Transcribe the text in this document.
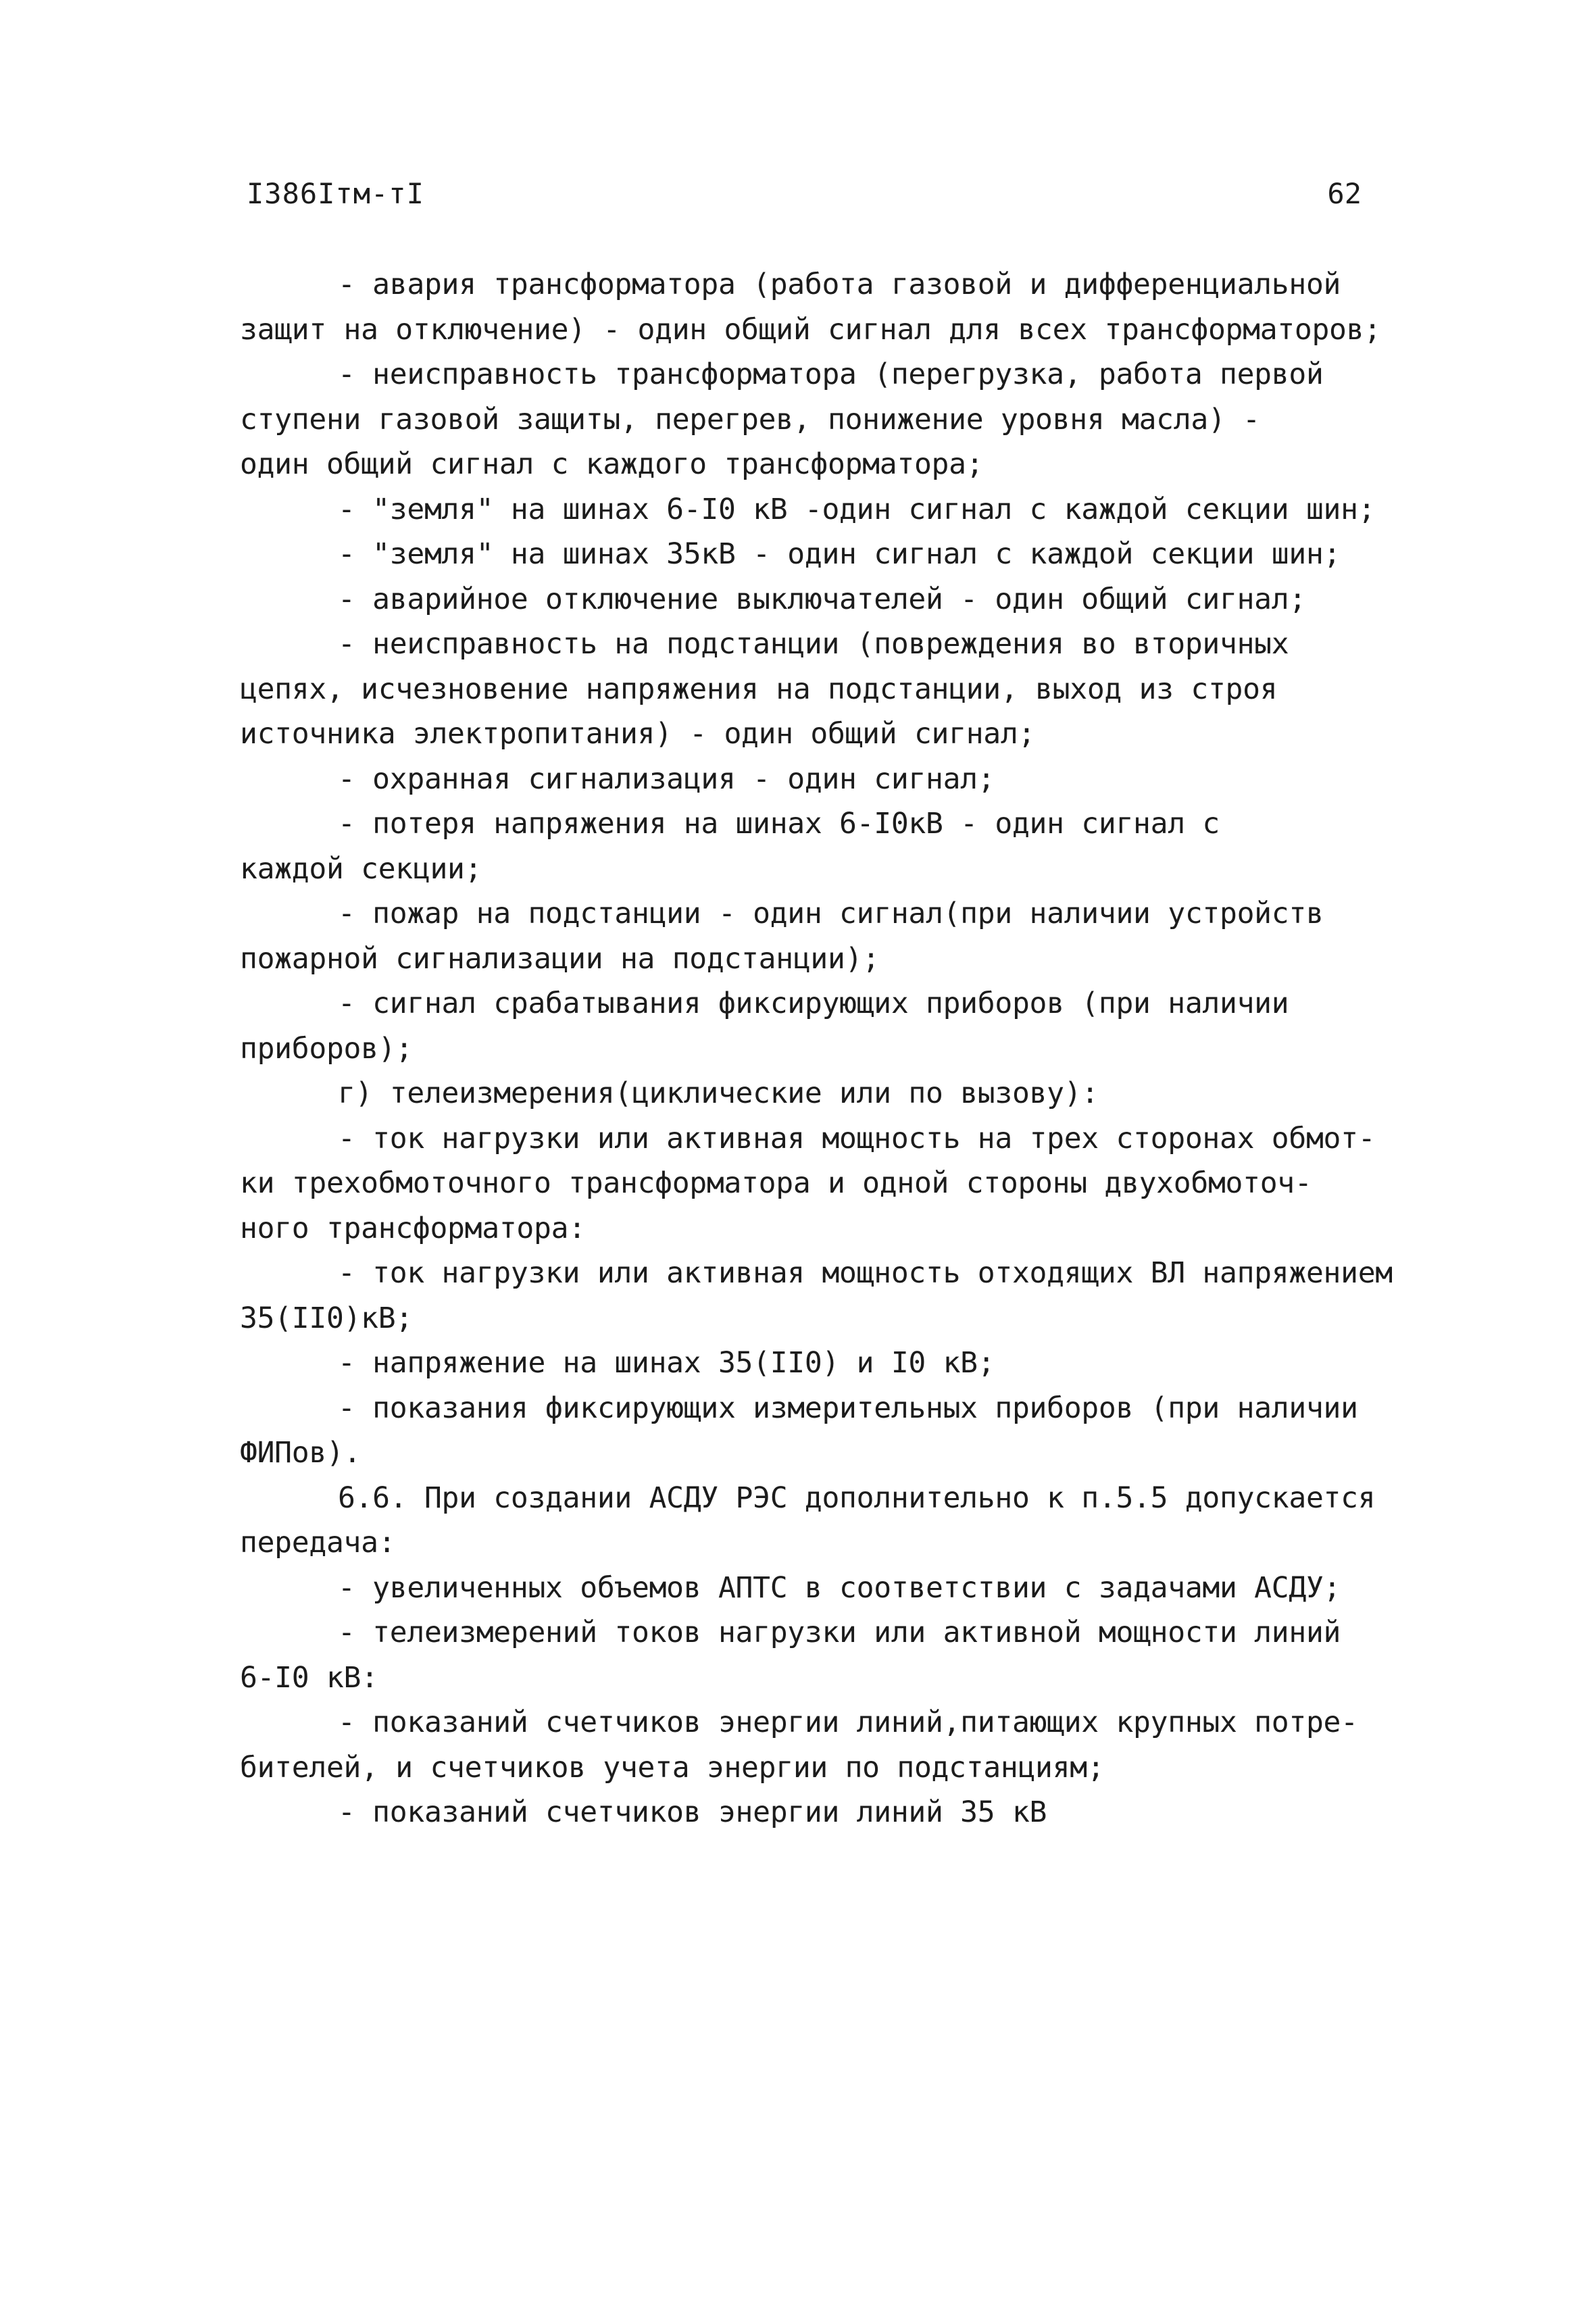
І386Ітм-тІ	62
- авария трансформатора (работа газовой и дифференциальной
защит на отключение) - один общий сигнал для всех трансформаторов;
- неисправность трансформатора (перегрузка, работа первой
ступени газовой защиты, перегрев, понижение уровня масла) -
один общий сигнал с каждого трансформатора;
- "земля" на шинах 6-І0 кВ -один сигнал с каждой секции шин;
- "земля" на шинах 35кВ - один сигнал с каждой секции шин;
- аварийное отключение выключателей - один общий сигнал;
- неисправность на подстанции (повреждения во вторичных
цепях, исчезновение напряжения на подстанции, выход из строя
источника электропитания) - один общий сигнал;
- охранная сигнализация - один сигнал;
- потеря напряжения на шинах 6-І0кВ - один сигнал с
каждой секции;
- пожар на подстанции - один сигнал(при наличии устройств
пожарной сигнализации на подстанции);
- сигнал срабатывания фиксирующих приборов (при наличии
приборов);
г) телеизмерения(циклические или по вызову):
- ток нагрузки или активная мощность на трех сторонах обмот-
ки трехобмоточного трансформатора и одной стороны двухобмоточ-
ного трансформатора:
- ток нагрузки или активная мощность отходящих ВЛ напряжением
35(ІІ0)кВ;
- напряжение на шинах 35(ІІ0) и І0 кВ;
- показания фиксирующих измерительных приборов (при наличии
ФИПов).
6.6. При создании АСДУ РЭС дополнительно к п.5.5 допускается
передача:
- увеличенных объемов АПТС в соответствии с задачами АСДУ;
- телеизмерений токов нагрузки или активной мощности линий
6-І0 кВ:
- показаний счетчиков энергии линий,питающих крупных потре-
бителей, и счетчиков учета энергии по подстанциям;
- показаний счетчиков энергии линий 35 кВ
